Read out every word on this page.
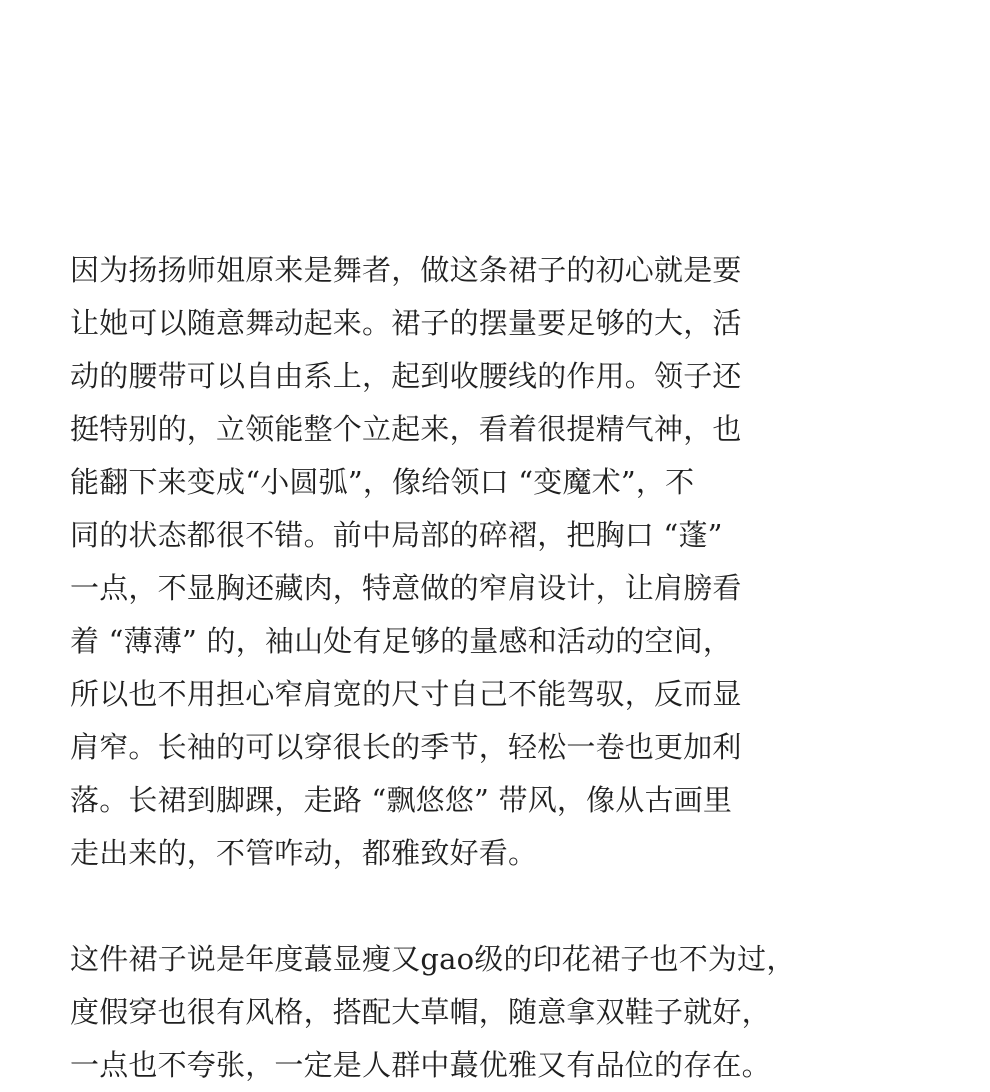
因为扬扬师姐原来是舞者，做这条裙子的初心就是要
让她可以随意舞动起来。裙子的摆量要足够的大，活
动的腰带可以自由系上，起到收腰线的作用。领子还
挺特别的，立领能整个立起来，看着很提精气神，也
能翻下来变成“小圆弧”，像给领口 “变魔术”，不
同的状态都很不错。前中局部的碎褶，把胸口 “蓬”
一点，不显胸还藏肉，特意做的窄肩设计，让肩膀看
着 “薄薄” 的，袖山处有足够的量感和活动的空间，
所以也不用担心窄肩宽的尺寸自己不能驾驭，反而显
肩窄。长袖的可以穿很长的季节，轻松一卷也更加利
落。长裙到脚踝，走路 “飘悠悠” 带风，像从古画里
走出来的，不管咋动，都雅致好看。
这件裙子说是年度蕞显瘦又gao级的印花裙子也不为过，
度假穿也很有风格，搭配大草帽，随意拿双鞋子就好，
一点也不夸张，一定是人群中蕞优雅又有品位的存在。
